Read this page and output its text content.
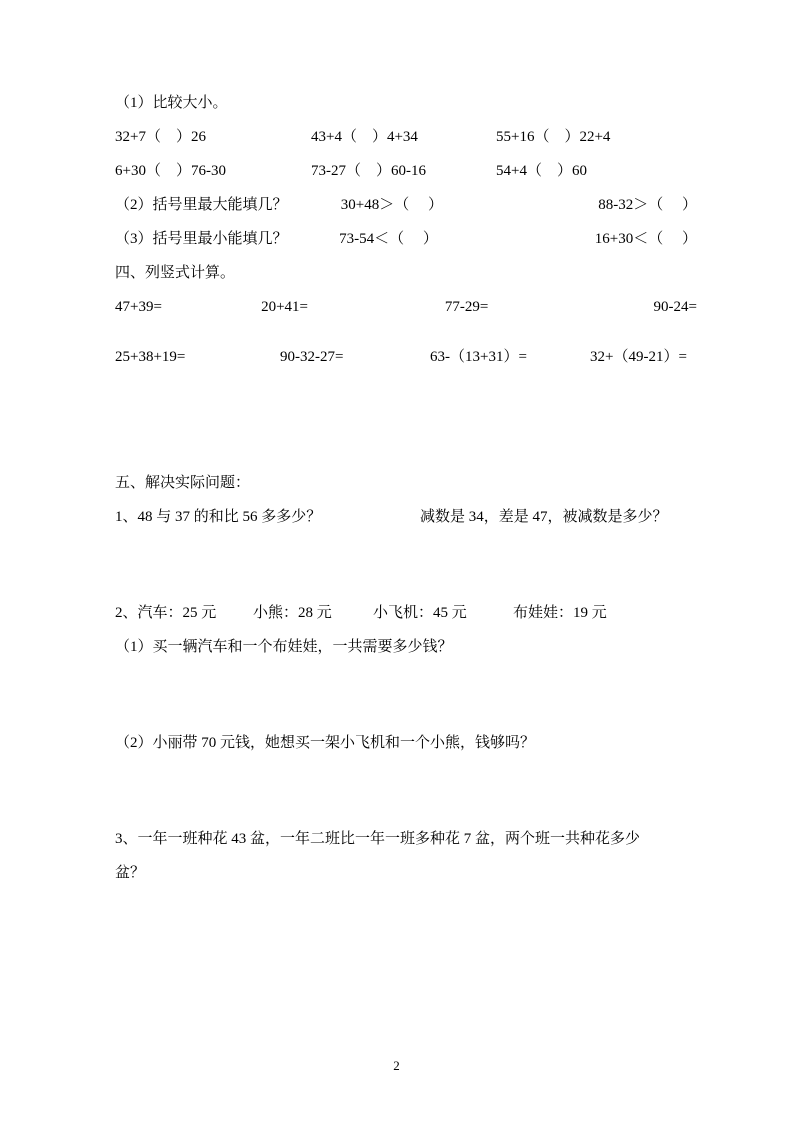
（1）比较大小。
32+7（    ）26	43+4（    ）4+34	55+16（    ）22+4
6+30（    ）76-30	73-27（    ）60-16	54+4（    ）60
（2）括号里最大能填几？	30+48＞（     ）	88-32＞（     ）
（3）括号里最小能填几？	73-54＜（     ）	16+30＜（     ）
四、列竖式计算。
47+39=	20+41=	77-29=	90-24=
25+38+19=	90-32-27=	63-（13+31）=	32+（49-21）=
五、解决实际问题：
1、48 与 37 的和比 56 多多少？	减数是 34，差是 47，被减数是多少？
2、汽车：25 元	小熊：28 元	小飞机：45 元	布娃娃：19 元
（1）买一辆汽车和一个布娃娃，一共需要多少钱？
（2）小丽带 70 元钱，她想买一架小飞机和一个小熊，钱够吗？
3、一年一班种花 43 盆，一年二班比一年一班多种花 7 盆，两个班一共种花多少
盆？
2
